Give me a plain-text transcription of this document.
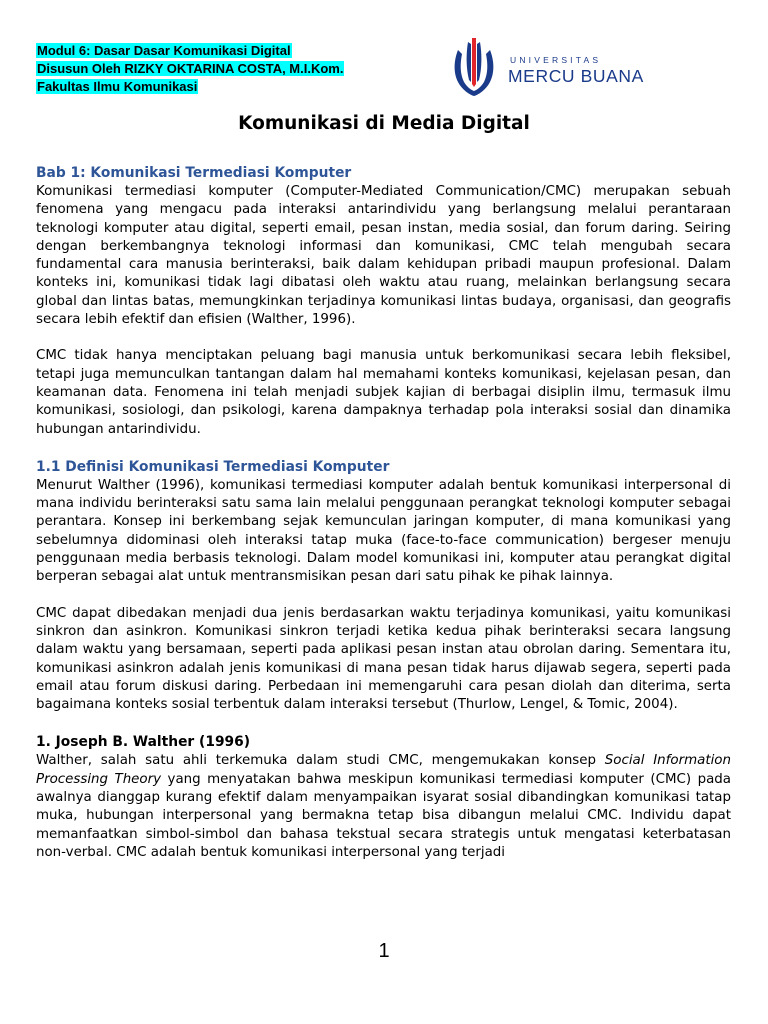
Modul 6: Dasar Dasar Komunikasi Digital
Disusun Oleh RIZKY OKTARINA COSTA, M.I.Kom.
Fakultas Ilmu Komunikasi
UNIVERSITAS
MERCU BUANA
Komunikasi di Media Digital

Bab 1: Komunikasi Termediasi Komputer

Komunikasi termediasi komputer (Computer-Mediated Communication/CMC) merupakan sebuah fenomena yang mengacu pada interaksi antarindividu yang berlangsung melalui perantaraan teknologi komputer atau digital, seperti email, pesan instan, media sosial, dan forum daring. Seiring dengan berkembangnya teknologi informasi dan komunikasi, CMC telah mengubah secara fundamental cara manusia berinteraksi, baik dalam kehidupan pribadi maupun profesional. Dalam konteks ini, komunikasi tidak lagi dibatasi oleh waktu atau ruang, melainkan berlangsung secara global dan lintas batas, memungkinkan terjadinya komunikasi lintas budaya, organisasi, dan geografis secara lebih efektif dan efisien (Walther, 1996).

CMC tidak hanya menciptakan peluang bagi manusia untuk berkomunikasi secara lebih fleksibel, tetapi juga memunculkan tantangan dalam hal memahami konteks komunikasi, kejelasan pesan, dan keamanan data. Fenomena ini telah menjadi subjek kajian di berbagai disiplin ilmu, termasuk ilmu komunikasi, sosiologi, dan psikologi, karena dampaknya terhadap pola interaksi sosial dan dinamika hubungan antarindividu.

1.1 Definisi Komunikasi Termediasi Komputer

Menurut Walther (1996), komunikasi termediasi komputer adalah bentuk komunikasi interpersonal di mana individu berinteraksi satu sama lain melalui penggunaan perangkat teknologi komputer sebagai perantara. Konsep ini berkembang sejak kemunculan jaringan komputer, di mana komunikasi yang sebelumnya didominasi oleh interaksi tatap muka (face-to-face communication) bergeser menuju penggunaan media berbasis teknologi. Dalam model komunikasi ini, komputer atau perangkat digital berperan sebagai alat untuk mentransmisikan pesan dari satu pihak ke pihak lainnya.

CMC dapat dibedakan menjadi dua jenis berdasarkan waktu terjadinya komunikasi, yaitu komunikasi sinkron dan asinkron. Komunikasi sinkron terjadi ketika kedua pihak berinteraksi secara langsung dalam waktu yang bersamaan, seperti pada aplikasi pesan instan atau obrolan daring. Sementara itu, komunikasi asinkron adalah jenis komunikasi di mana pesan tidak harus dijawab segera, seperti pada email atau forum diskusi daring. Perbedaan ini memengaruhi cara pesan diolah dan diterima, serta bagaimana konteks sosial terbentuk dalam interaksi tersebut (Thurlow, Lengel, & Tomic, 2004).

1. Joseph B. Walther (1996)

Walther, salah satu ahli terkemuka dalam studi CMC, mengemukakan konsep Social Information Processing Theory yang menyatakan bahwa meskipun komunikasi termediasi komputer (CMC) pada awalnya dianggap kurang efektif dalam menyampaikan isyarat sosial dibandingkan komunikasi tatap muka, hubungan interpersonal yang bermakna tetap bisa dibangun melalui CMC. Individu dapat memanfaatkan simbol-simbol dan bahasa tekstual secara strategis untuk mengatasi keterbatasan non-verbal. CMC adalah bentuk komunikasi interpersonal yang terjadi

1
